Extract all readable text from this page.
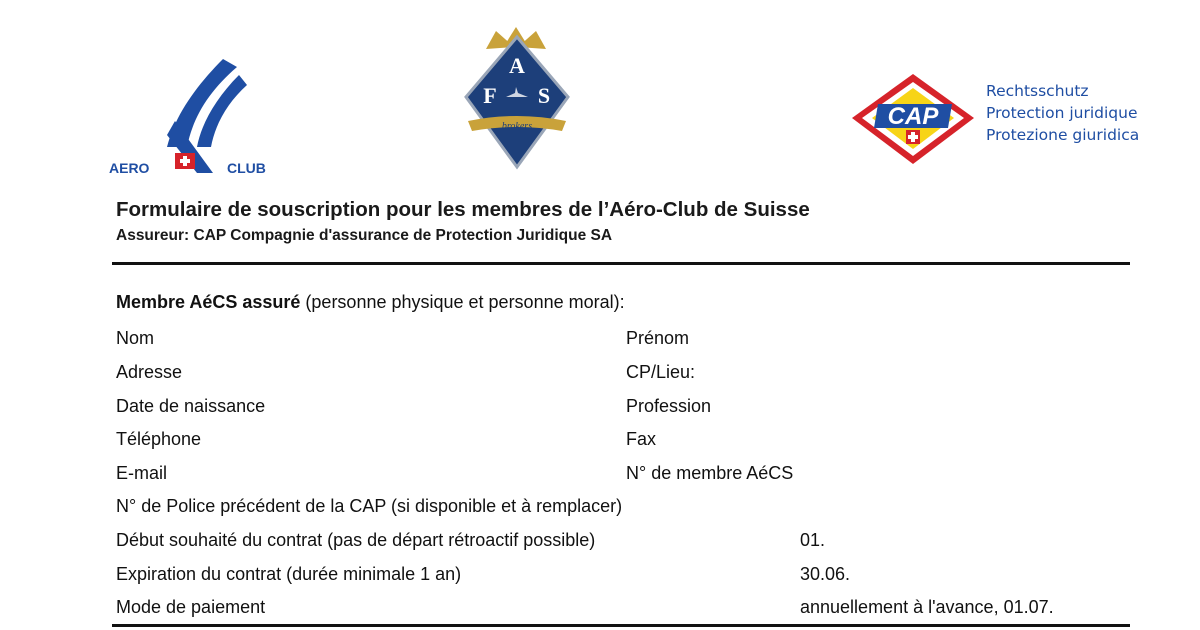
AERO	CLUB
A
F S
brokers	CAP
Rechtsschutz
Protection juridique
Protezione giuridica
Formulaire de souscription pour les membres de l’Aéro-Club de Suisse
Assureur: CAP Compagnie d'assurance de Protection Juridique SA
Membre AéCS assuré (personne physique et personne moral):
Nom	Prénom
Adresse	CP/Lieu:
Date de naissance	Profession
Téléphone	Fax
E-mail	N° de membre AéCS
N° de Police précédent de la CAP (si disponible et à remplacer)
Début souhaité du contrat (pas de départ rétroactif possible)	01.
Expiration du contrat (durée minimale 1 an)	30.06.
Mode de paiement	annuellement à l'avance, 01.07.
